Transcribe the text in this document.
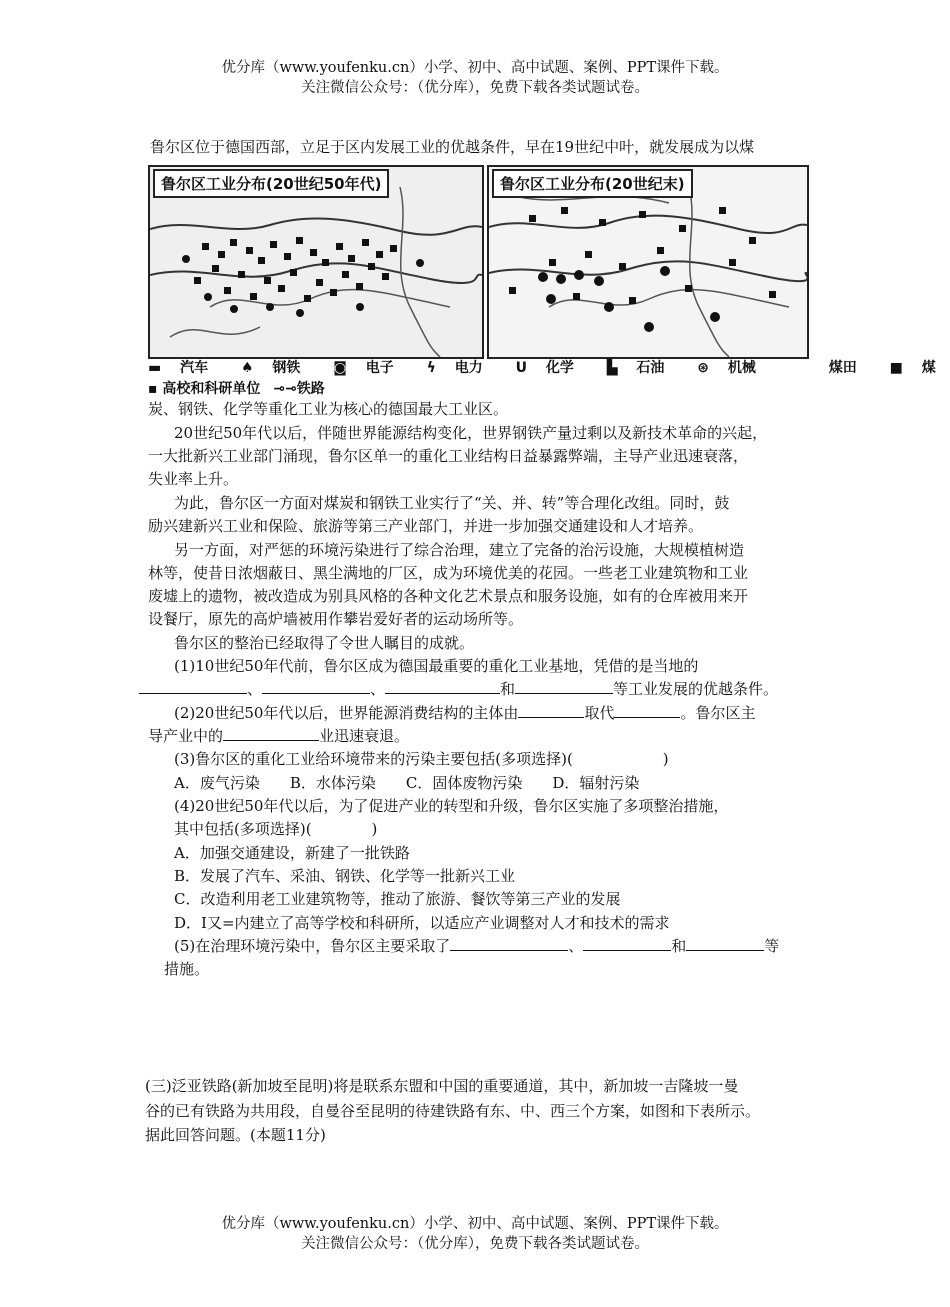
优分库（www.youfenku.cn）小学、初中、高中试题、案例、PPT课件下载。
关注微信公众号：（优分库），免费下载各类试题试卷。
鲁尔区位于德国西部，立足于区内发展工业的优越条件，早在19世纪中叶，就发展成为以煤
鲁尔区工业分布(20世纪50年代)	鲁尔区工业分布(20世纪末)
▬ 汽车 ♠ 钢铁 ◙ 电子 ϟ 电力 ᑌ 化学 ▙ 石油 ⊛ 机械	煤田 ■ 煤
▪ 高校和科研单位 ⊸⊸铁路
炭、钢铁、化学等重化工业为核心的德国最大工业区。
20世纪50年代以后，伴随世界能源结构变化，世界钢铁产量过剩以及新技术革命的兴起，
一大批新兴工业部门涌现，鲁尔区单一的重化工业结构日益暴露弊端，主导产业迅速衰落，
失业率上升。
为此，鲁尔区一方面对煤炭和钢铁工业实行了“关、并、转”等合理化改组。同时，鼓
励兴建新兴工业和保险、旅游等第三产业部门，并进一步加强交通建设和人才培养。
另一方面，对严惩的环境污染进行了综合治理，建立了完备的治污设施，大规模植树造
林等，使昔日浓烟蔽日、黑尘满地的厂区，成为环境优美的花园。一些老工业建筑物和工业
废墟上的遗物，被改造成为别具风格的各种文化艺术景点和服务设施，如有的仓库被用来开
设餐厅，原先的高炉墙被用作攀岩爱好者的运动场所等。
鲁尔区的整治已经取得了令世人瞩目的成就。
(1)10世纪50年代前，鲁尔区成为德国最重要的重化工业基地，凭借的是当地的
、	、	和	等工业发展的优越条件。
(2)20世纪50年代以后，世界能源消费结构的主体由	取代	。鲁尔区主
导产业中的	业迅速衰退。
(3)鲁尔区的重化工业给环境带来的污染主要包括(多项选择)(　　　　　　)
A．废气污染　　B．水体污染　　C．固体废物污染　　D．辐射污染
(4)20世纪50年代以后，为了促进产业的转型和升级，鲁尔区实施了多项整治措施，
其中包括(多项选择)(　　　　)
A．加强交通建设，新建了一批铁路
B．发展了汽车、采油、钢铁、化学等一批新兴工业
C．改造利用老工业建筑物等，推动了旅游、餐饮等第三产业的发展
D．I又=内建立了高等学校和科研所，以适应产业调整对人才和技术的需求
(5)在治理环境污染中，鲁尔区主要采取了	、	和	等
措施。
(三)泛亚铁路(新加坡至昆明)将是联系东盟和中国的重要通道，其中，新加坡一吉隆坡一曼
谷的已有铁路为共用段，自曼谷至昆明的待建铁路有东、中、西三个方案，如图和下表所示。
据此回答问题。(本题11分)
优分库（www.youfenku.cn）小学、初中、高中试题、案例、PPT课件下载。
关注微信公众号：（优分库），免费下载各类试题试卷。
